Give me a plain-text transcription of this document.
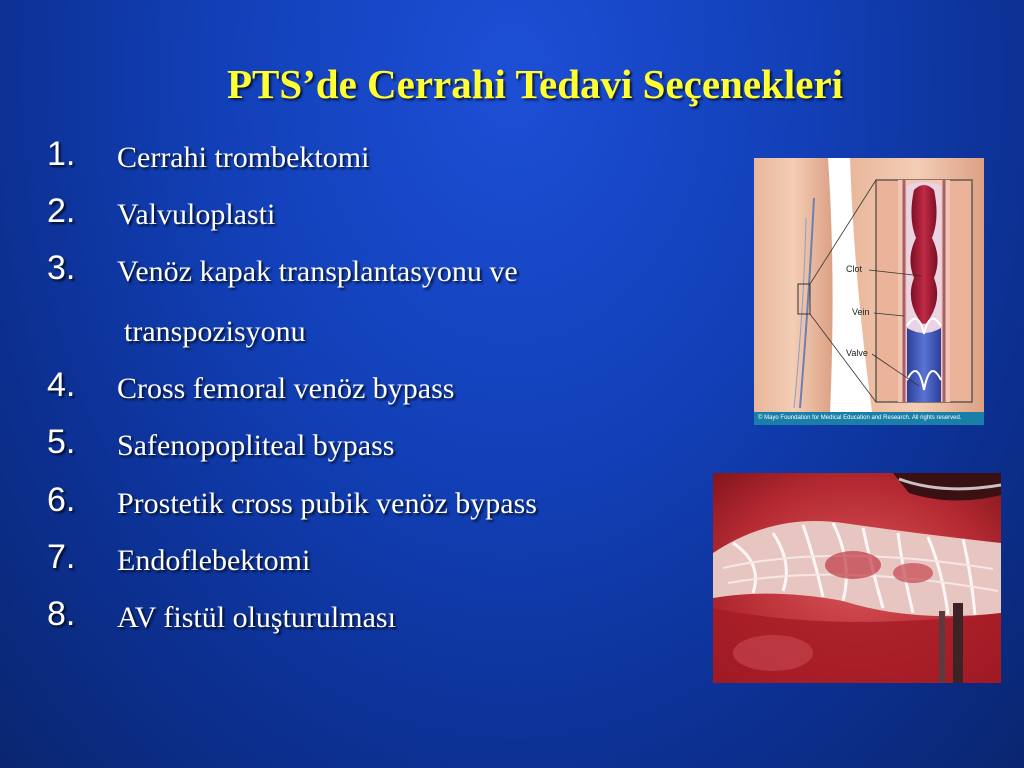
PTS’de Cerrahi Tedavi Seçenekleri
1. Cerrahi trombektomi
2. Valvuloplasti
3. Venöz kapak transplantasyonu ve
transpozisyonu
4. Cross femoral venöz bypass
5. Safenopopliteal bypass
6. Prostetik cross pubik venöz bypass
7. Endoflebektomi
8. AV fistül oluşturulması
Clot
Vein
Valve
© Mayo Foundation for Medical Education and Research. All rights reserved.
